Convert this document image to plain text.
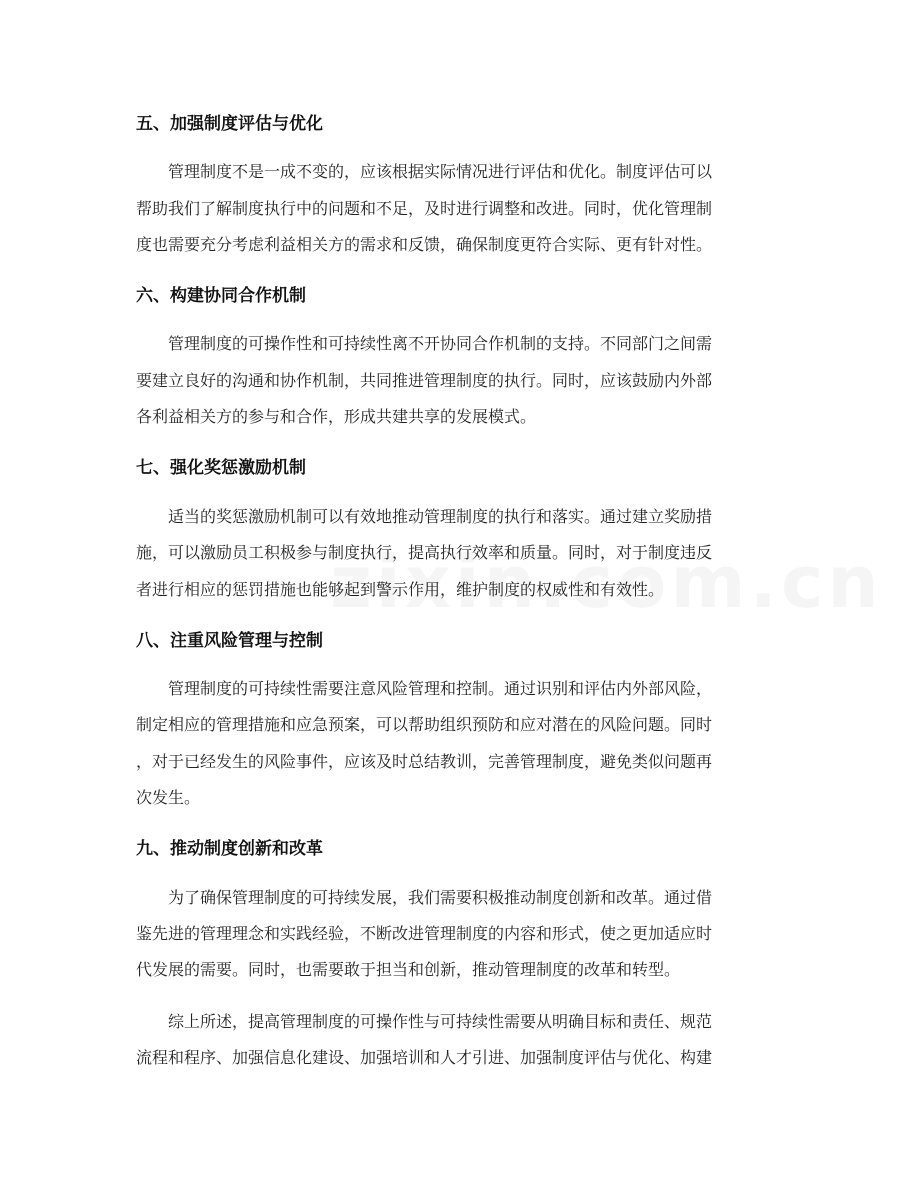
五、加强制度评估与优化

管理制度不是一成不变的，应该根据实际情况进行评估和优化。制度评估可以

帮助我们了解制度执行中的问题和不足，及时进行调整和改进。同时，优化管理制

度也需要充分考虑利益相关方的需求和反馈，确保制度更符合实际、更有针对性。

六、构建协同合作机制

管理制度的可操作性和可持续性离不开协同合作机制的支持。不同部门之间需

要建立良好的沟通和协作机制，共同推进管理制度的执行。同时，应该鼓励内外部

各利益相关方的参与和合作，形成共建共享的发展模式。

七、强化奖惩激励机制

适当的奖惩激励机制可以有效地推动管理制度的执行和落实。通过建立奖励措

施，可以激励员工积极参与制度执行，提高执行效率和质量。同时，对于制度违反

者进行相应的惩罚措施也能够起到警示作用，维护制度的权威性和有效性。

八、注重风险管理与控制

管理制度的可持续性需要注意风险管理和控制。通过识别和评估内外部风险，

制定相应的管理措施和应急预案，可以帮助组织预防和应对潜在的风险问题。同时

，对于已经发生的风险事件，应该及时总结教训，完善管理制度，避免类似问题再

次发生。

九、推动制度创新和改革

为了确保管理制度的可持续发展，我们需要积极推动制度创新和改革。通过借

鉴先进的管理理念和实践经验，不断改进管理制度的内容和形式，使之更加适应时

代发展的需要。同时，也需要敢于担当和创新，推动管理制度的改革和转型。

综上所述，提高管理制度的可操作性与可持续性需要从明确目标和责任、规范

流程和程序、加强信息化建设、加强培训和人才引进、加强制度评估与优化、构建
